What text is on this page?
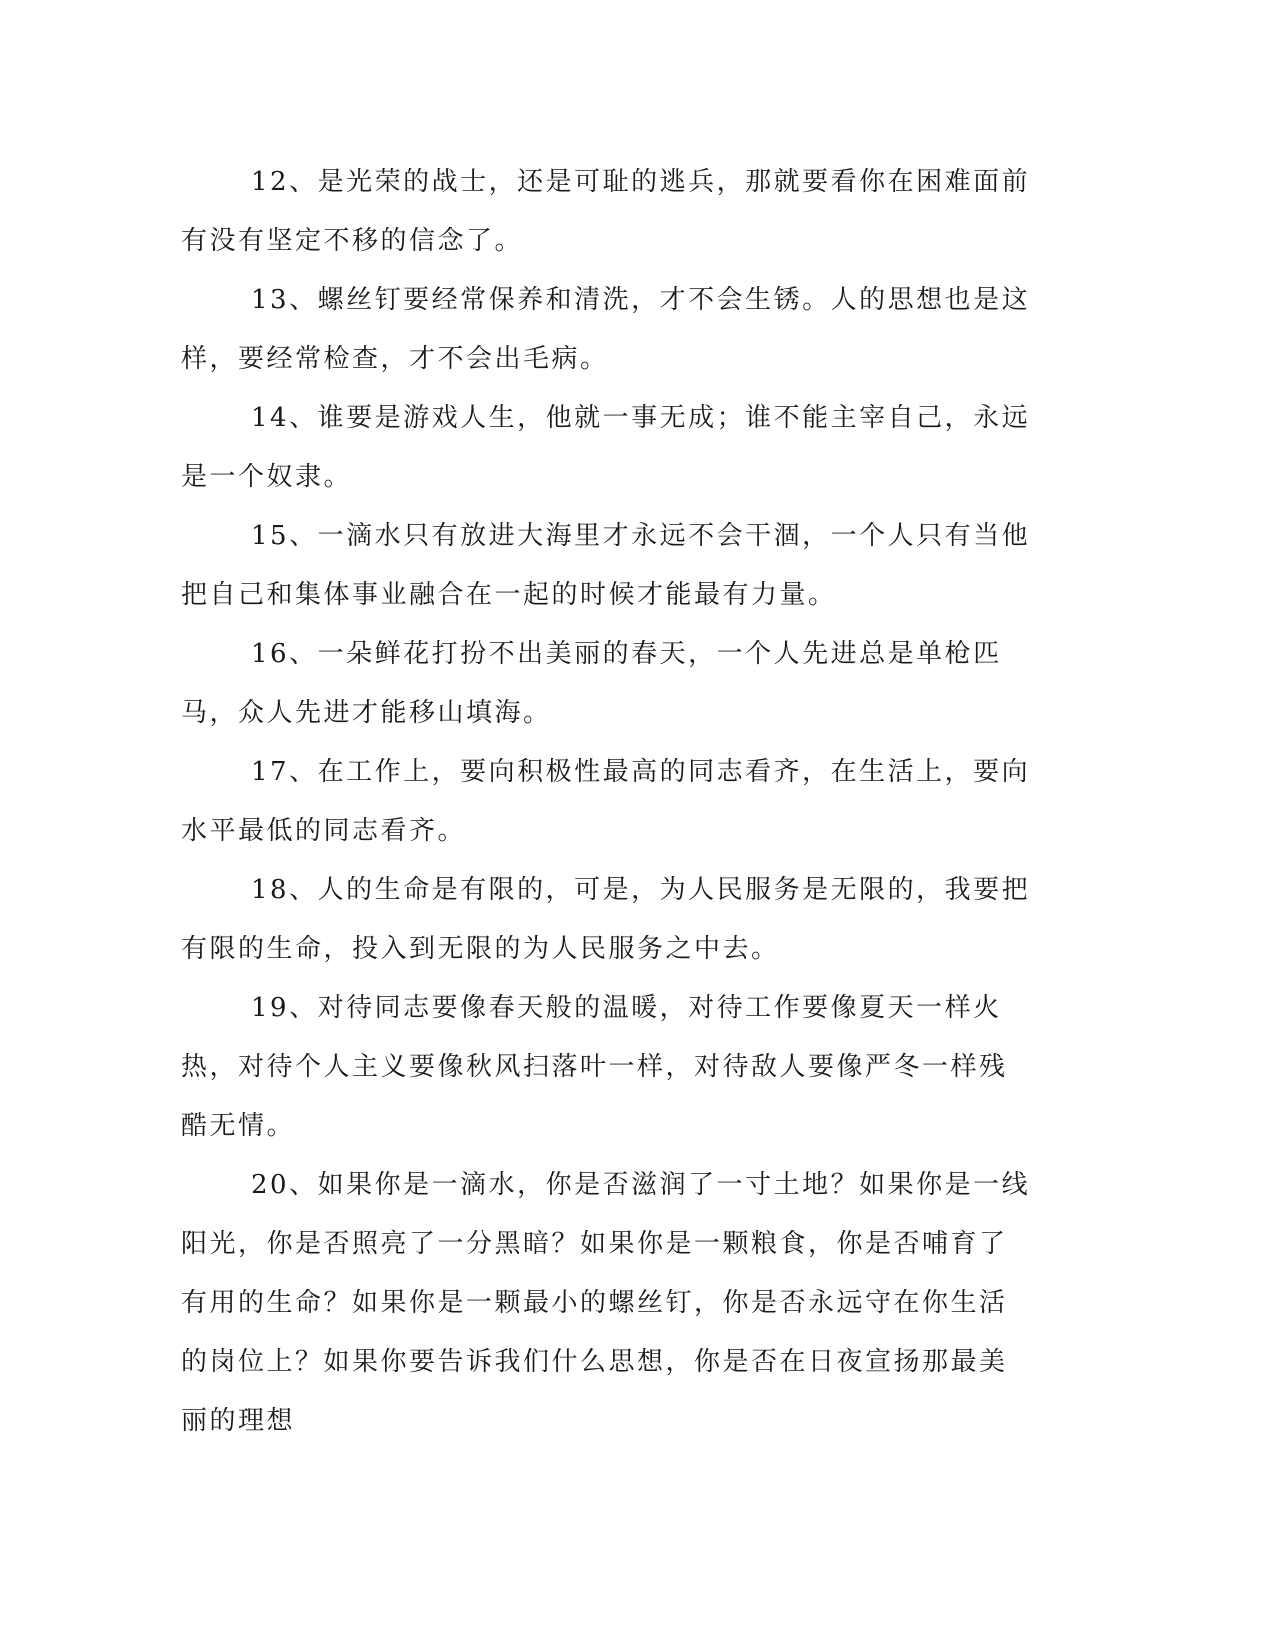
12、是光荣的战士，还是可耻的逃兵，那就要看你在困难面前有没有坚定不移的信念了。

13、螺丝钉要经常保养和清洗，才不会生锈。人的思想也是这样，要经常检查，才不会出毛病。

14、谁要是游戏人生，他就一事无成；谁不能主宰自己，永远是一个奴隶。

15、一滴水只有放进大海里才永远不会干涸，一个人只有当他把自己和集体事业融合在一起的时候才能最有力量。

16、一朵鲜花打扮不出美丽的春天，一个人先进总是单枪匹马，众人先进才能移山填海。

17、在工作上，要向积极性最高的同志看齐，在生活上，要向水平最低的同志看齐。

18、人的生命是有限的，可是，为人民服务是无限的，我要把有限的生命，投入到无限的为人民服务之中去。

19、对待同志要像春天般的温暖，对待工作要像夏天一样火热，对待个人主义要像秋风扫落叶一样，对待敌人要像严冬一样残酷无情。

20、如果你是一滴水，你是否滋润了一寸土地？如果你是一线阳光，你是否照亮了一分黑暗？如果你是一颗粮食，你是否哺育了有用的生命？如果你是一颗最小的螺丝钉，你是否永远守在你生活的岗位上？如果你要告诉我们什么思想，你是否在日夜宣扬那最美丽的理想
